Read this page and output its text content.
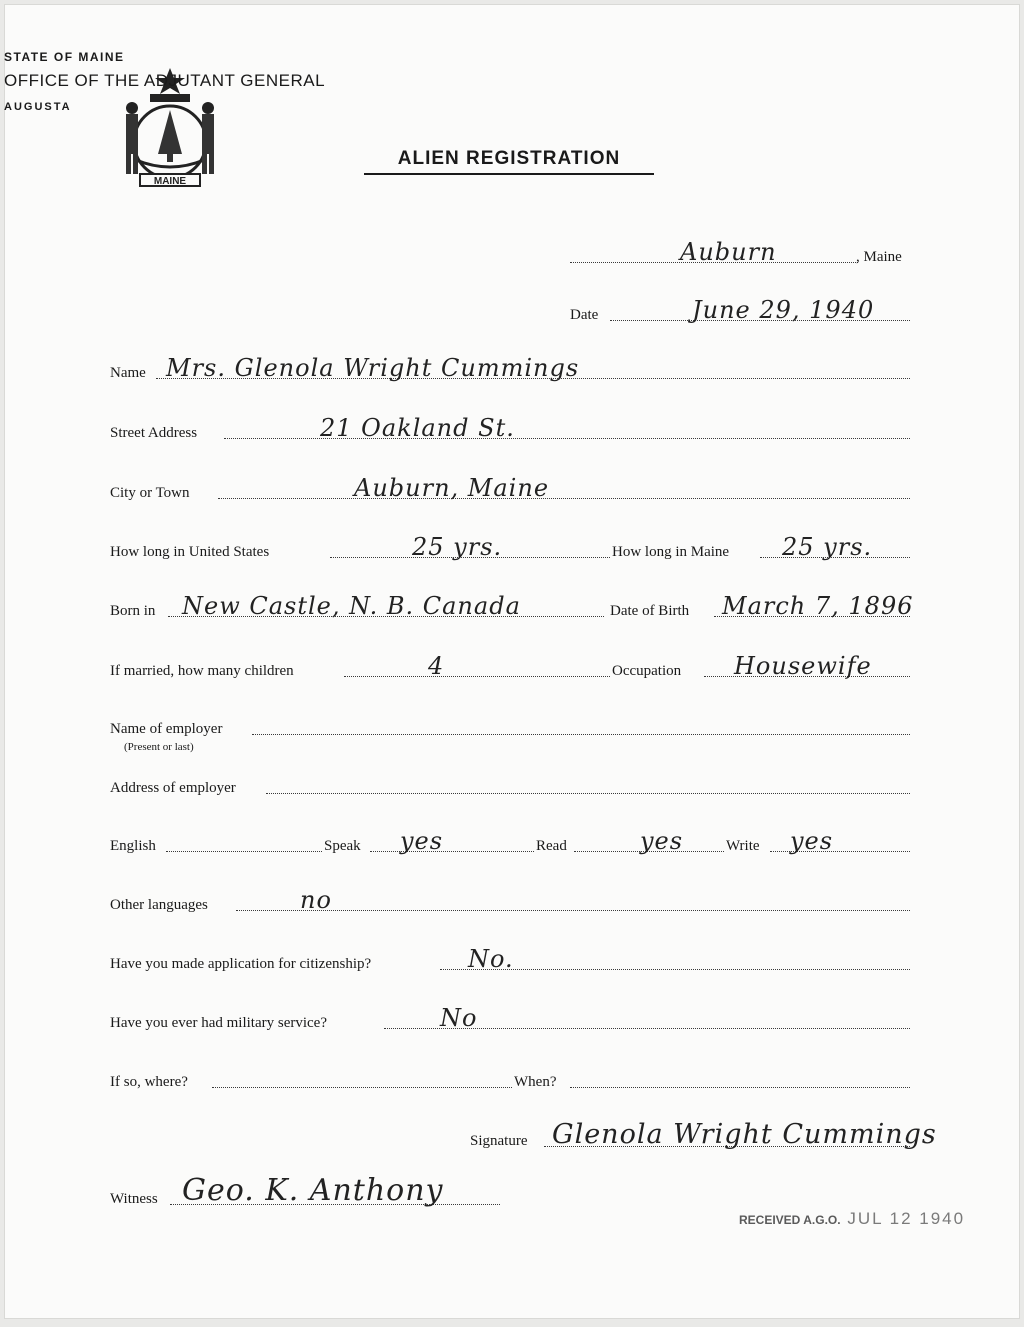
MAINE
STATE OF MAINE
OFFICE OF THE ADJUTANT GENERAL
AUGUSTA
ALIEN REGISTRATION
Auburn	, Maine
Date	June 29, 1940
Name Mrs. Glenola Wright Cummings
Street Address	21 Oakland St.
City or Town	Auburn, Maine
How long in United States	25 yrs.	How long in Maine 25 yrs.
Born in New Castle, N. B. Canada	Date of Birth March 7, 1896
If married, how many children	4	Occupation Housewife
Name of employer
(Present or last)
Address of employer
English	Speak yes	Read	yes	Write yes
Other languages	no
Have you made application for citizenship?	No.
Have you ever had military service?	No
If so, where?	When?
Signature Glenola Wright Cummings
Witness Geo. K. Anthony
RECEIVED A.G.O. JUL 12 1940
